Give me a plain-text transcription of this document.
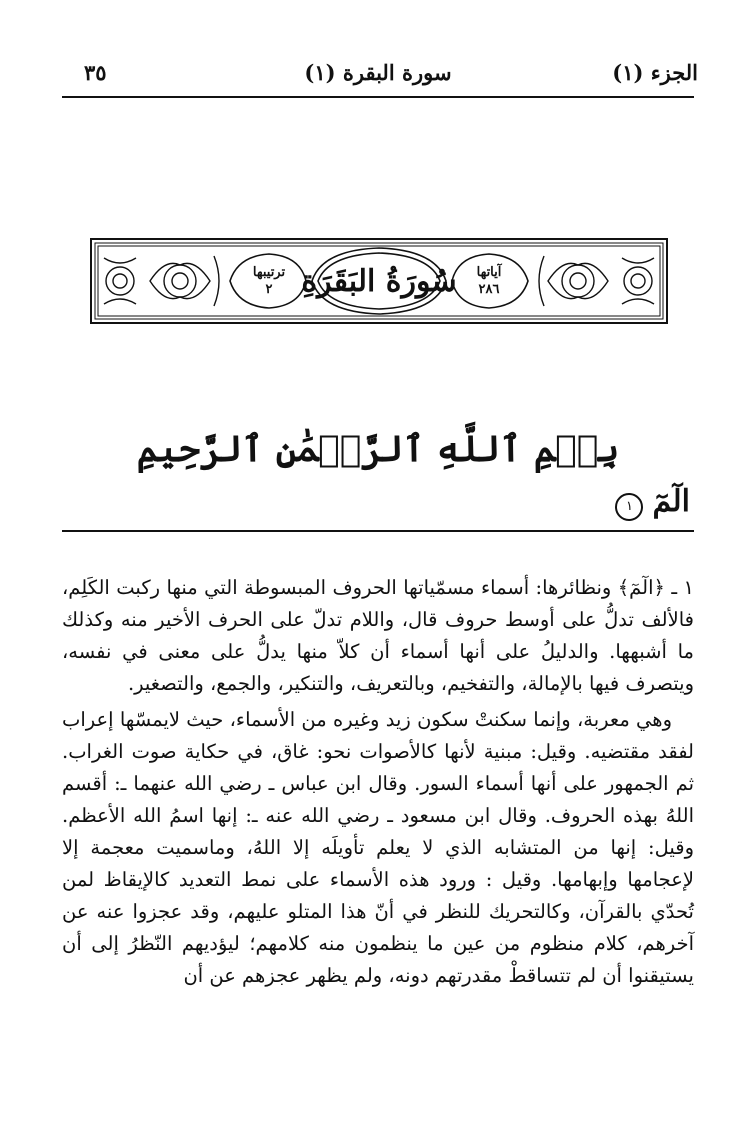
الجزء (١)
سورة البقرة (١)
٣٥
ترتيبها
٢ سُورَةُ البَقَرَةِ	آياتها
٢٨٦
بِسۡمِ ٱللَّهِ ٱلرَّحۡمَٰنِ ٱلرَّحِيمِ
الٓمٓ ١

١ ـ ﴿الٓمٓ﴾ ونظائرها: أسماء مسمّياتها الحروف المبسوطة التي منها ركبت الكَلِم، فالألف تدلُّ على أوسط حروف قال، واللام تدلّ على الحرف الأخير منه وكذلك ما أشبهها. والدليلُ على أنها أسماء أن كلاّ منها يدلُّ على معنى في نفسه، ويتصرف فيها بالإمالة، والتفخيم، وبالتعريف، والتنكير، والجمع، والتصغير.

وهي معربة، وإنما سكنتْ سكون زيد وغيره من الأسماء، حيث لايمسّها إعراب لفقد مقتضيه. وقيل: مبنية لأنها كالأصوات نحو: غاق، في حكاية صوت الغراب. ثم الجمهور على أنها أسماء السور. وقال ابن عباس ـ رضي الله عنهما ـ: أقسم اللهُ بهذه الحروف. وقال ابن مسعود ـ رضي الله عنه ـ: إنها اسمُ الله الأعظم. وقيل: إنها من المتشابه الذي لا يعلم تأويلَه إلا اللهُ، وماسميت معجمة إلا لإعجامها وإبهامها. وقيل : ورود هذه الأسماء على نمط التعديد كالإيقاظ لمن تُحدّي بالقرآن، وكالتحريك للنظر في أنّ هذا المتلو عليهم، وقد عجزوا عنه عن آخرهم، كلام منظوم من عين ما ينظمون منه كلامهم؛ ليؤديهم النّظرُ إلى أن يستيقنوا أن لم تتساقطْ مقدرتهم دونه، ولم يظهر عجزهم عن أن
